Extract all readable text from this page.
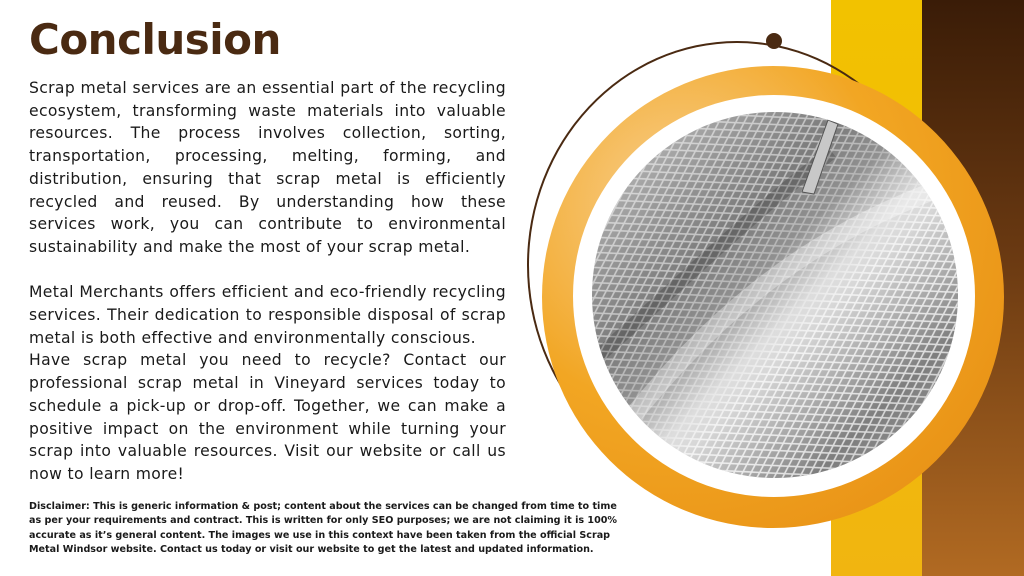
Conclusion

Scrap metal services are an essential part of the recycling ecosystem, transforming waste materials into valuable resources. The process involves collection, sorting, transportation, processing, melting, forming, and distribution, ensuring that scrap metal is efficiently recycled and reused. By understanding how these services work, you can contribute to environmental sustainability and make the most of your scrap metal.

Metal Merchants offers efficient and eco-friendly recycling services. Their dedication to responsible disposal of scrap metal is both effective and environmentally conscious.

Have scrap metal you need to recycle? Contact our professional scrap metal in Vineyard services today to schedule a pick-up or drop-off. Together, we can make a positive impact on the environment while turning your scrap into valuable resources. Visit our website or call us now to learn more!

Disclaimer: This is generic information & post; content about the services can be changed from time to time as per your requirements and contract. This is written for only SEO purposes; we are not claiming it is 100% accurate as it’s general content. The images we use in this context have been taken from the official Scrap Metal Windsor website. Contact us today or visit our website to get the latest and updated information.
